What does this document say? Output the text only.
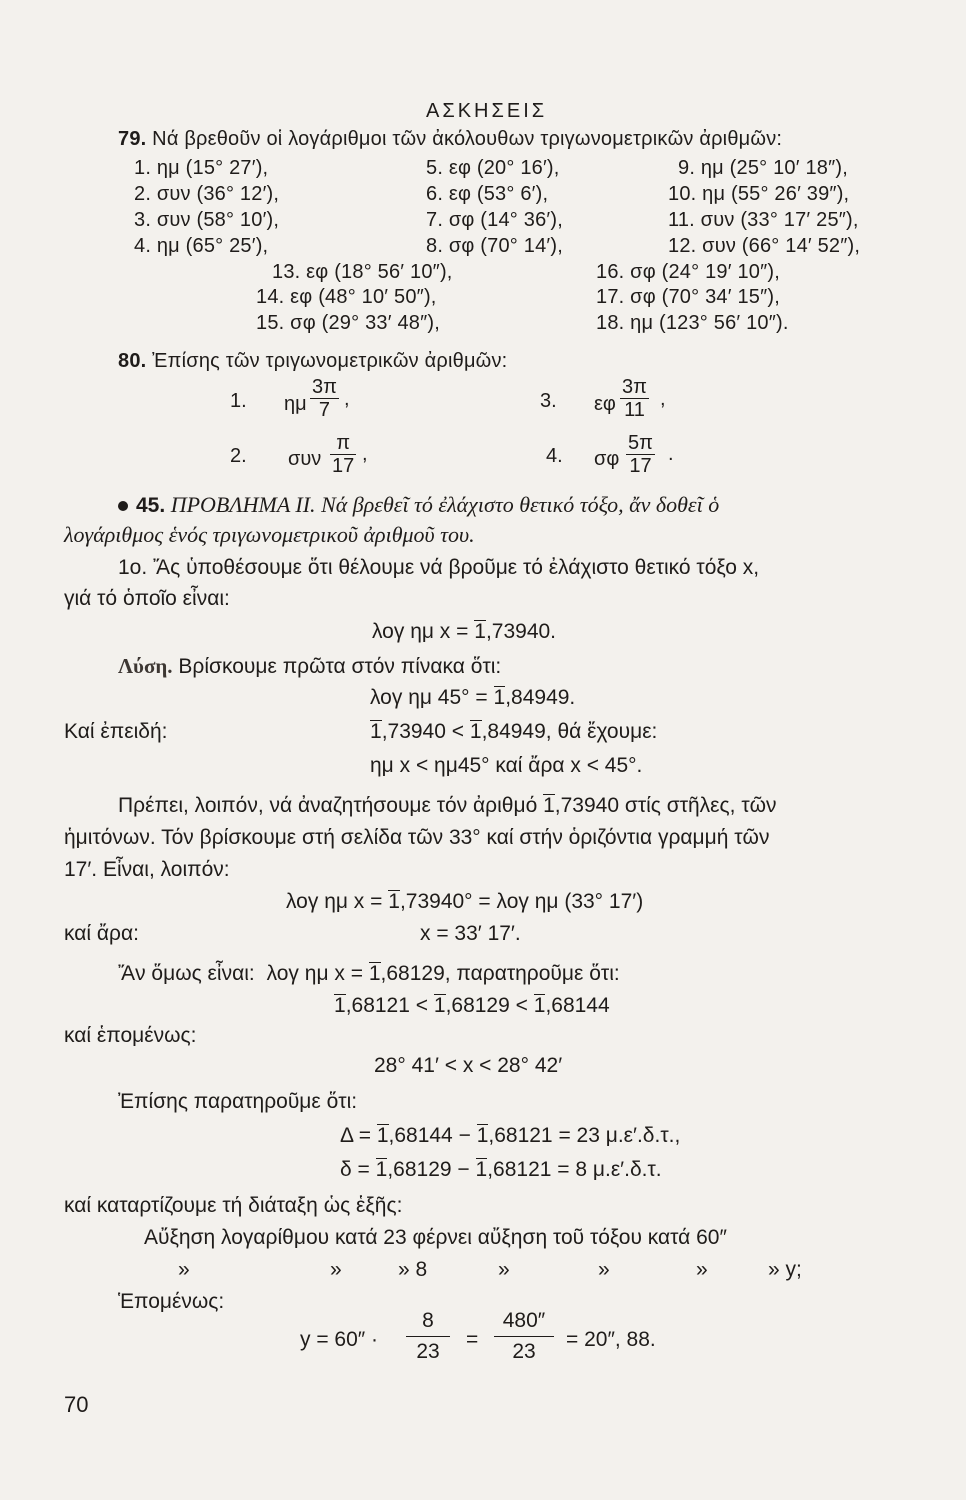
ΑΣΚΗΣΕΙΣ
79. Νά βρεθοῦν οἱ λογάριθμοι τῶν ἀκόλουθων τριγωνομετρικῶν ἀριθμῶν:
1. ημ (15° 27′),	5. εφ (20° 16′),	9. ημ (25° 10′ 18″),
2. συν (36° 12′),	6. εφ (53° 6′),	10. ημ (55° 26′ 39″),
3. συν (58° 10′),	7. σφ (14° 36′),	11. συν (33° 17′ 25″),
4. ημ (65° 25′),	8. σφ (70° 14′),	12. συν (66° 14′ 52″),
13. εφ (18° 56′ 10″),	16. σφ (24° 19′ 10″),
14. εφ (48° 10′ 50″),	17. σφ (70° 34′ 15″),
15. σφ (29° 33′ 48″),	18. ημ (123° 56′ 10″).
80. Ἐπίσης τῶν τριγωνομετρικῶν ἀριθμῶν:
1. ημ $\frac{3\pi}{7}$ ,	3. εφ $\frac{3\pi}{11}$ ,
2. συν $\frac{\pi}{17}$ ,	4. σφ $\frac{5\pi}{17}$ .
45. ΠΡΟΒΛΗΜΑ II. Νά βρεθεῖ τό ἐλάχιστο θετικό τόξο, ἄν δοθεῖ ὁ
λογάριθμος ἑνός τριγωνομετρικοῦ ἀριθμοῦ του.
1ο. Ἄς ὑποθέσουμε ὅτι θέλουμε νά βροῦμε τό ἐλάχιστο θετικό τόξο x,
γιά τό ὁποῖο εἶναι:
λογ ημ x = 1,73940.
Λύση. Βρίσκουμε πρῶτα στόν πίνακα ὅτι:
λογ ημ 45° = 1,84949.
Καί ἐπειδή:	1,73940 < 1,84949, θά ἔχουμε:
ημ x < ημ45° καί ἄρα x < 45°.
Πρέπει, λοιπόν, νά ἀναζητήσουμε τόν ἀριθμό 1,73940 στίς στῆλες, τῶν
ἡμιτόνων. Τόν βρίσκουμε στή σελίδα τῶν 33° καί στήν ὁριζόντια γραμμή τῶν
17′. Εἶναι, λοιπόν:
λογ ημ x = 1,73940° = λογ ημ (33° 17′)
καί ἄρα:	x = 33′ 17′.
Ἄν ὅμως εἶναι: λογ ημ x = 1,68129, παρατηροῦμε ὅτι:
1,68121 < 1,68129 < 1,68144
καί ἑπομένως:
28° 41′ < x < 28° 42′
Ἐπίσης παρατηροῦμε ὅτι:
Δ = 1,68144 − 1,68121 = 23 μ.ε′.δ.τ.,
δ = 1,68129 − 1,68121 = 8 μ.ε′.δ.τ.
καί καταρτίζουμε τή διάταξη ὡς ἑξῆς:
Αὔξηση λογαρίθμου κατά 23 φέρνει αὔξηση τοῦ τόξου κατά 60″
»	»	» 8	»	»	»	» y;
Ἑπομένως:
$y = 60'' \cdot \frac{8}{23} = \frac{480''}{23} = 20''$, 88.
70
